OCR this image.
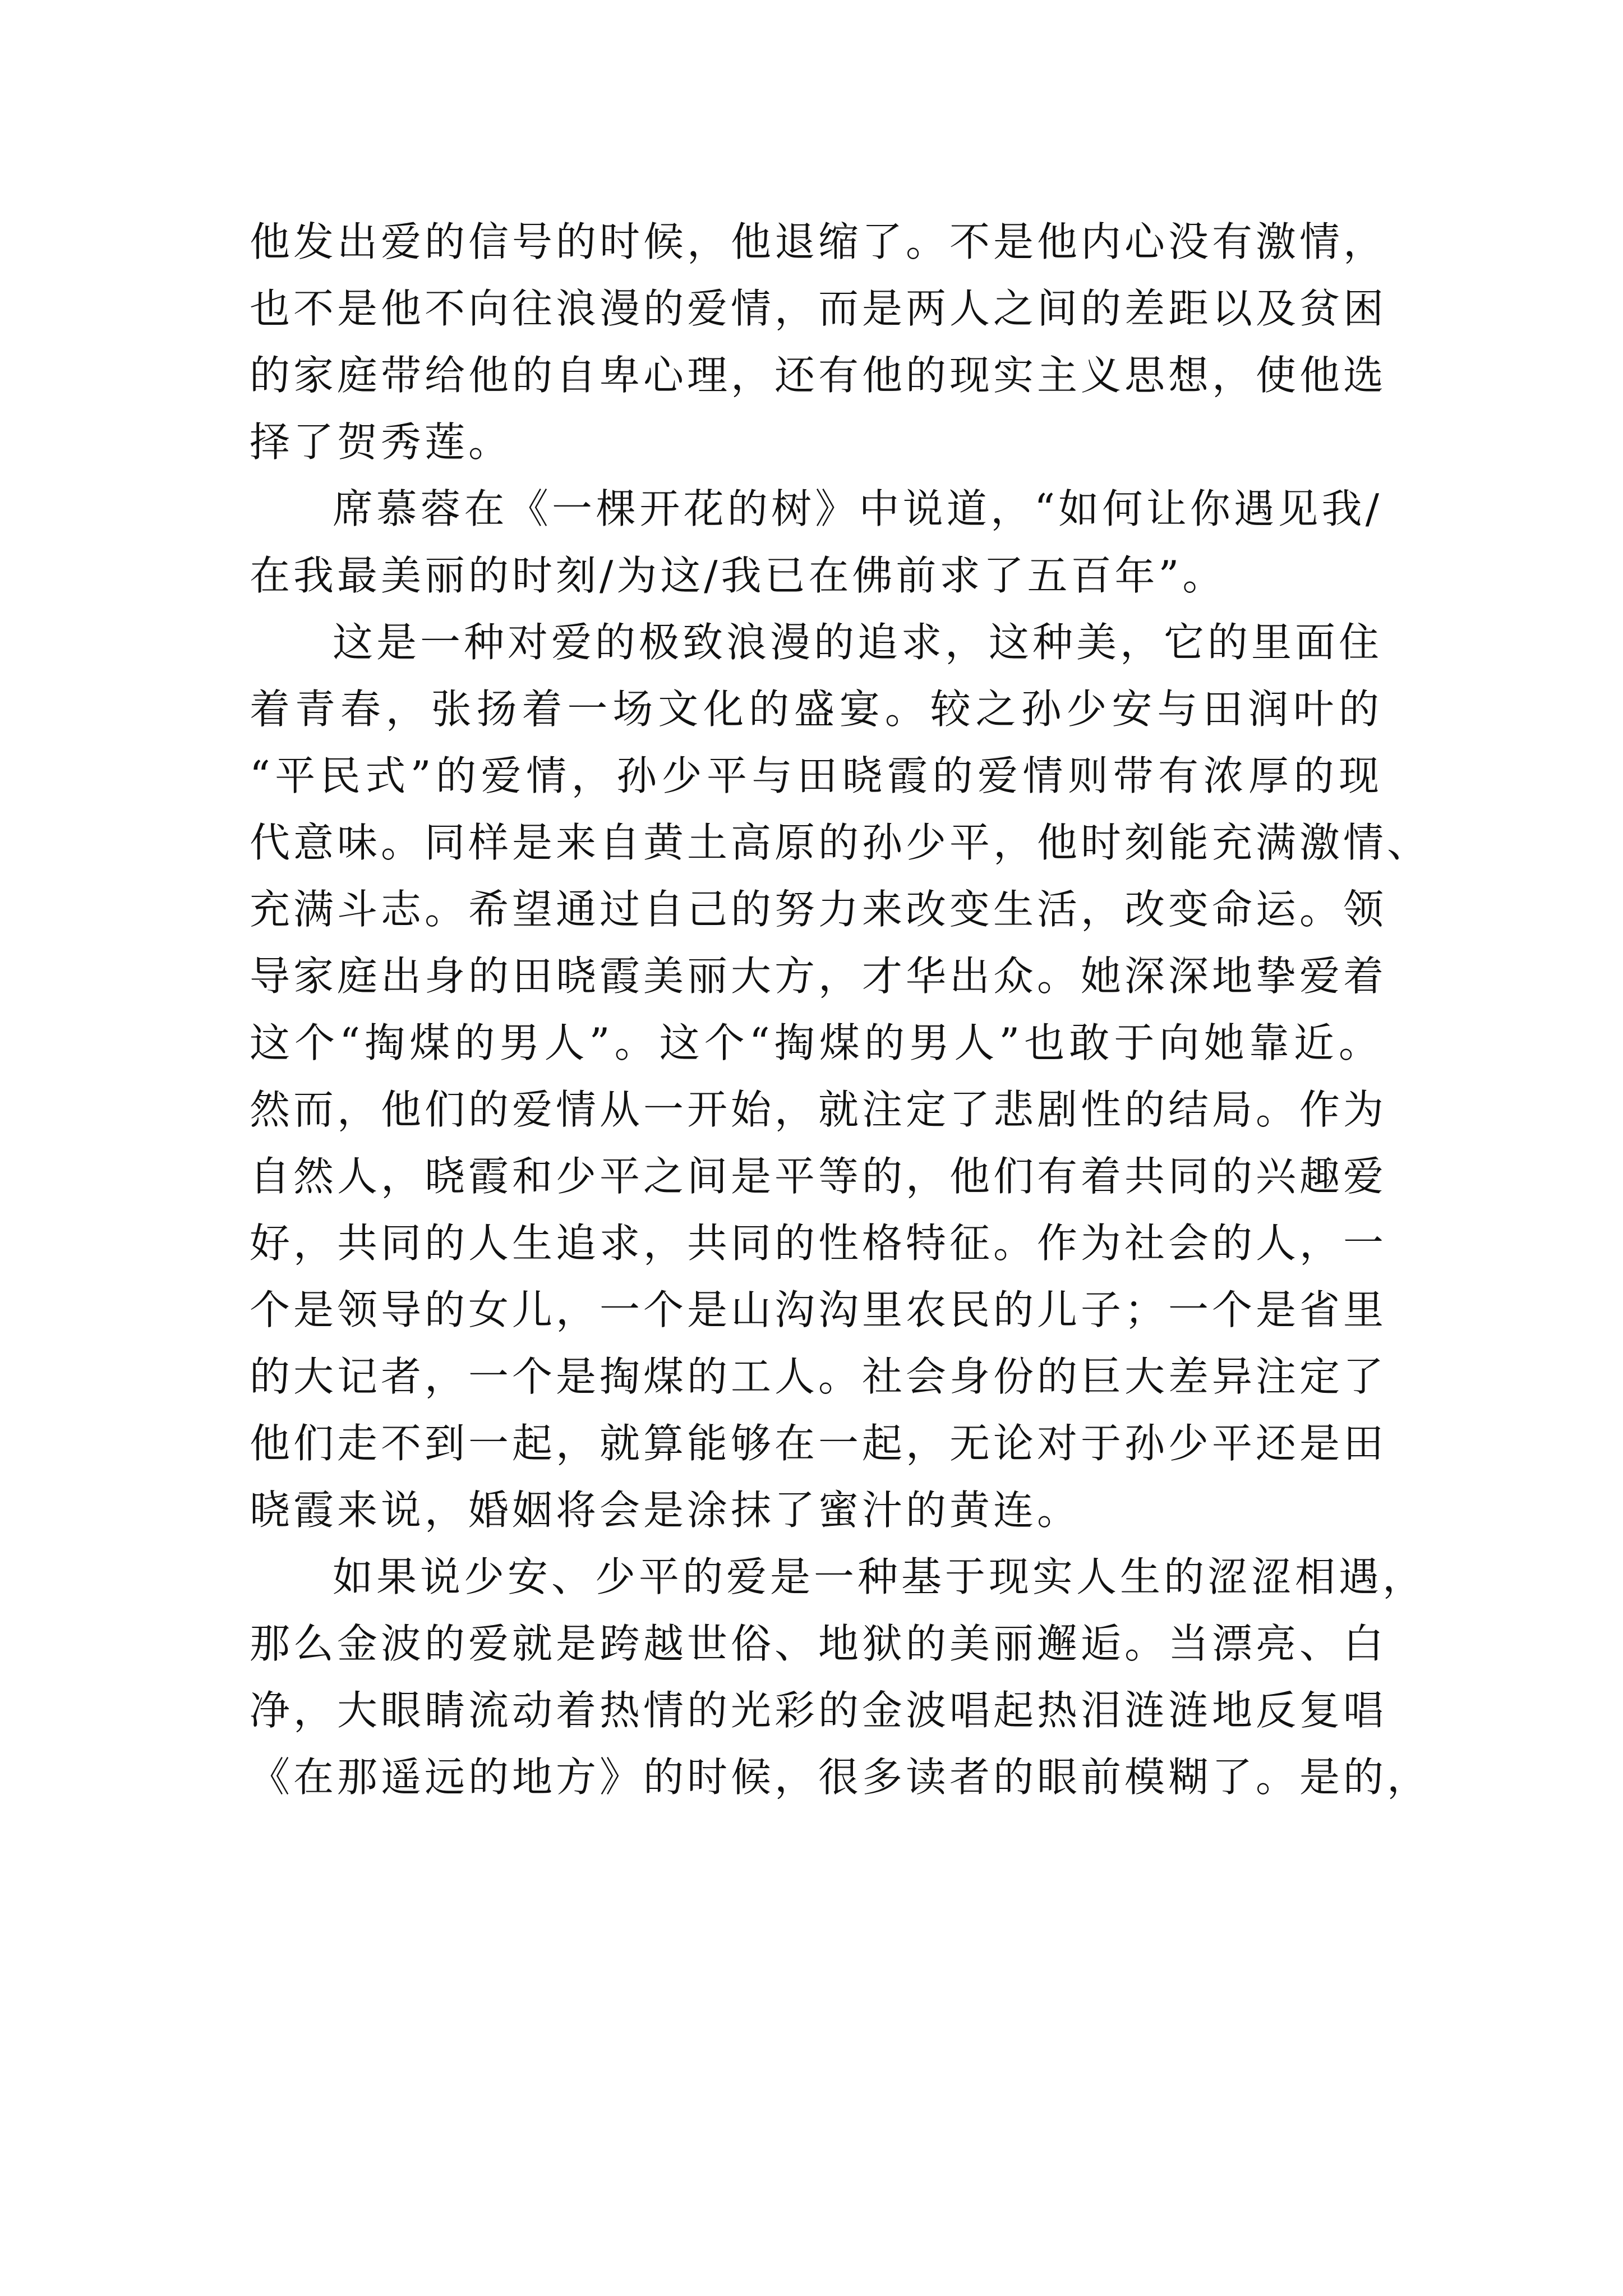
他发出爱的信号的时候，他退缩了。不是他内心没有激情，
也不是他不向往浪漫的爱情，而是两人之间的差距以及贫困
的家庭带给他的自卑心理，还有他的现实主义思想，使他选
择了贺秀莲。
席慕蓉在《一棵开花的树》中说道，“如何让你遇见我/
在我最美丽的时刻/为这/我已在佛前求了五百年”。
这是一种对爱的极致浪漫的追求，这种美，它的里面住
着青春，张扬着一场文化的盛宴。较之孙少安与田润叶的
“平民式”的爱情，孙少平与田晓霞的爱情则带有浓厚的现
代意味。同样是来自黄土高原的孙少平，他时刻能充满激情、
充满斗志。希望通过自己的努力来改变生活，改变命运。领
导家庭出身的田晓霞美丽大方，才华出众。她深深地挚爱着
这个“掏煤的男人”。这个“掏煤的男人”也敢于向她靠近。
然而，他们的爱情从一开始，就注定了悲剧性的结局。作为
自然人，晓霞和少平之间是平等的，他们有着共同的兴趣爱
好，共同的人生追求，共同的性格特征。作为社会的人，一
个是领导的女儿，一个是山沟沟里农民的儿子；一个是省里
的大记者，一个是掏煤的工人。社会身份的巨大差异注定了
他们走不到一起，就算能够在一起，无论对于孙少平还是田
晓霞来说，婚姻将会是涂抹了蜜汁的黄连。
如果说少安、少平的爱是一种基于现实人生的涩涩相遇，
那么金波的爱就是跨越世俗、地狱的美丽邂逅。当漂亮、白
净，大眼睛流动着热情的光彩的金波唱起热泪涟涟地反复唱
《在那遥远的地方》的时候，很多读者的眼前模糊了。是的，
